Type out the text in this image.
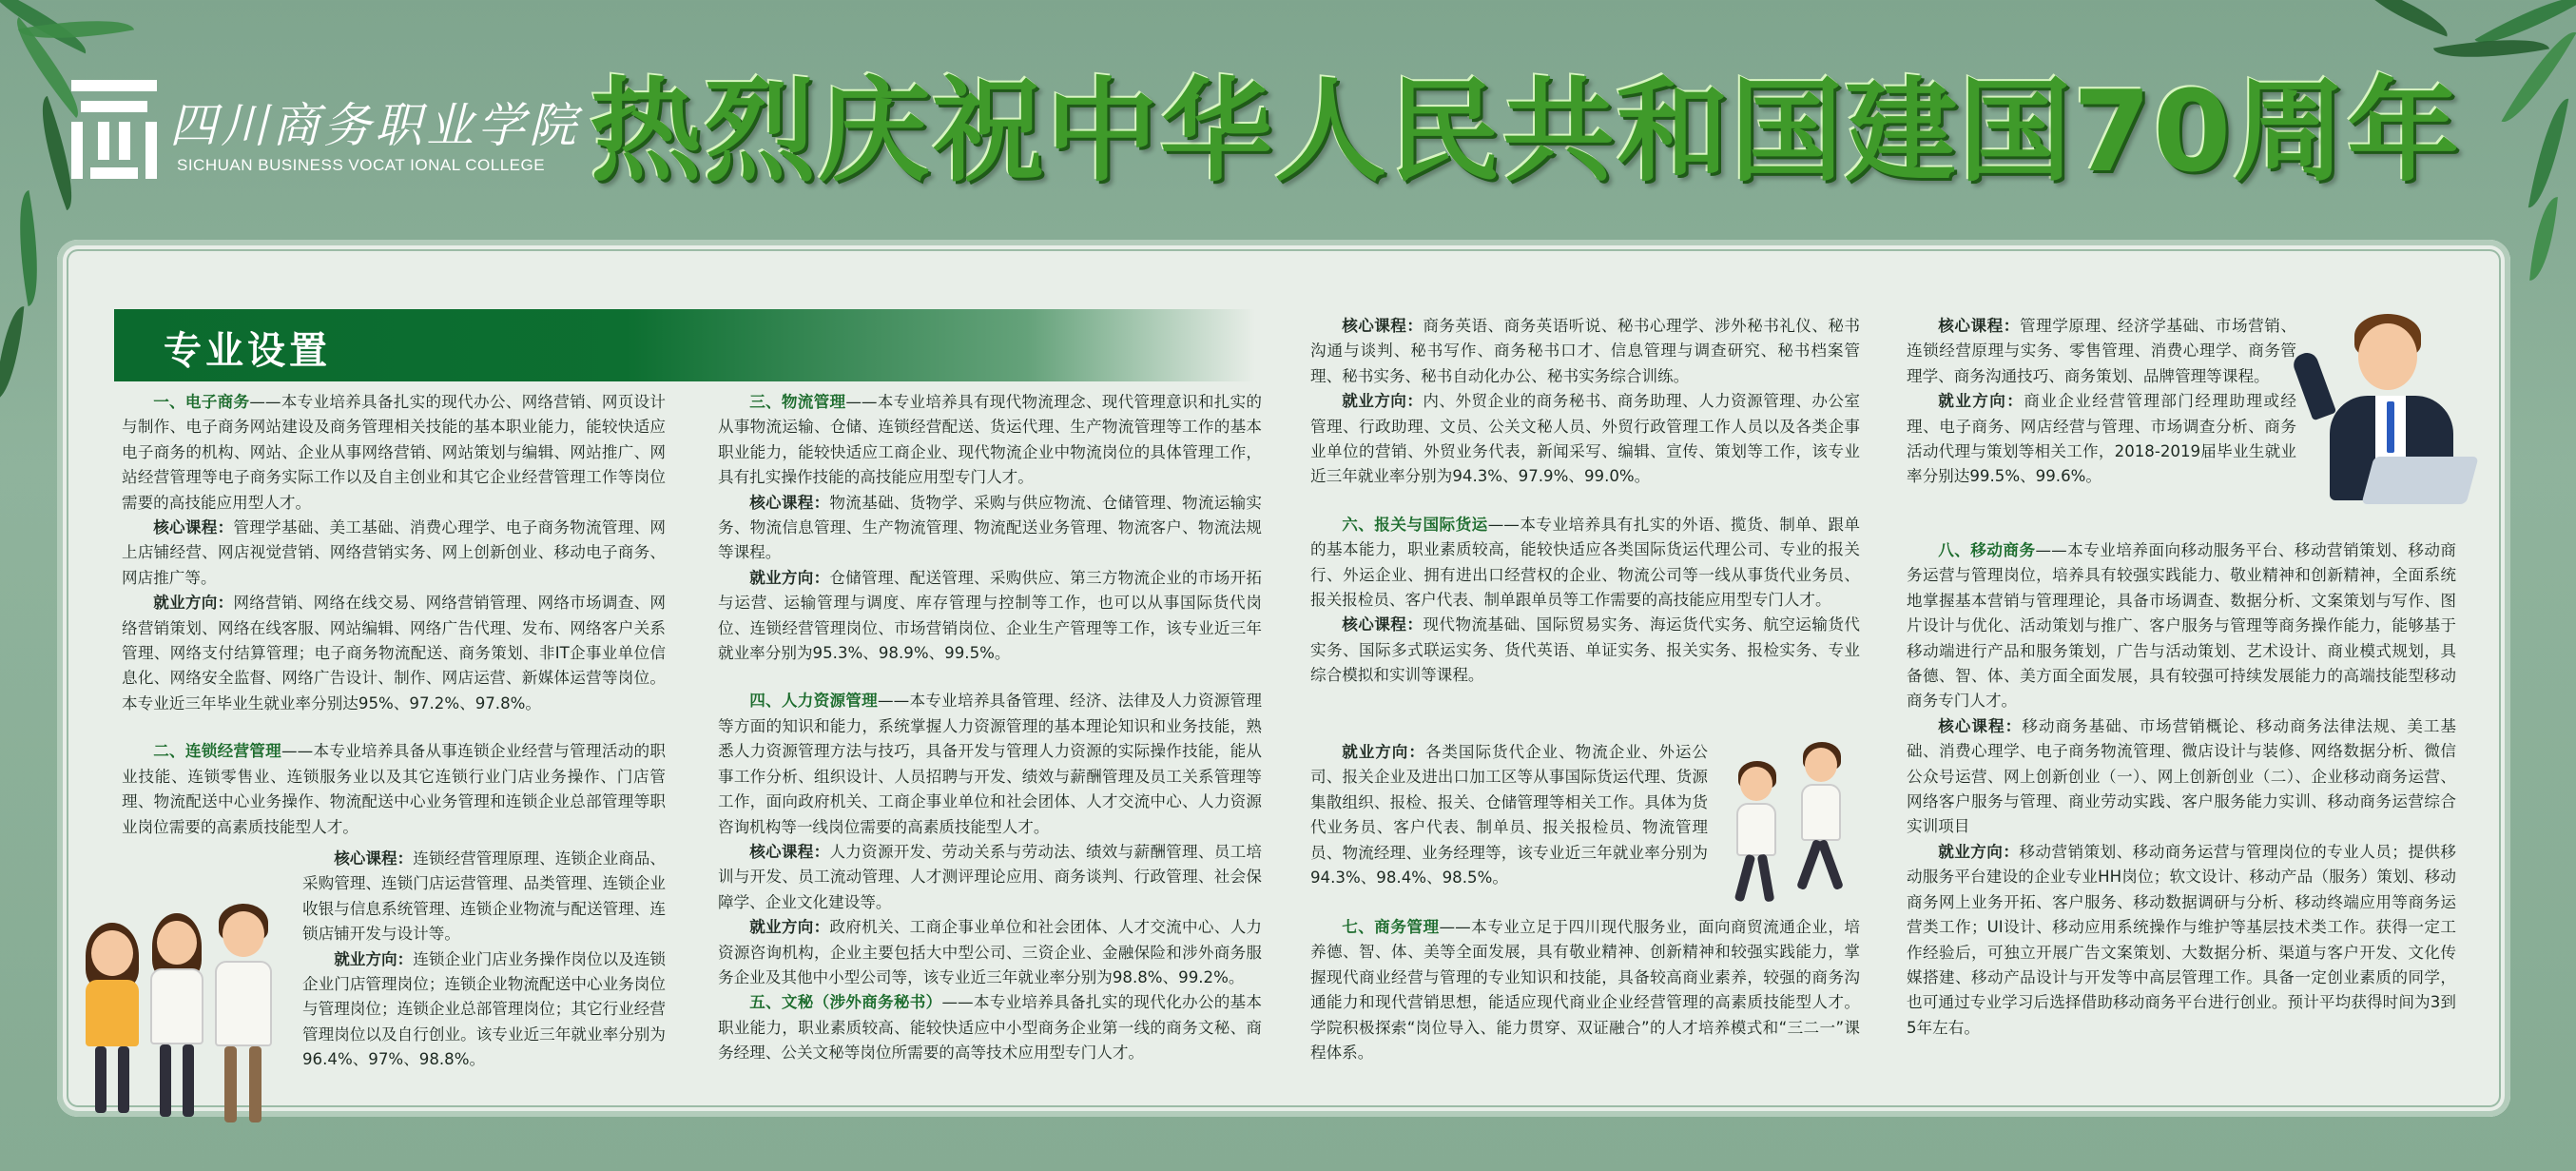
四川商务职业学院
SICHUAN BUSINESS VOCAT IONAL COLLEGE 热烈庆祝中华人民共和国建国70周年
专业设置

一、电子商务——本专业培养具备扎实的现代办公、网络营销、网页设计与制作、电子商务网站建设及商务管理相关技能的基本职业能力，能较快适应电子商务的机构、网站、企业从事网络营销、网站策划与编辑、网站推广、网站经营管理等电子商务实际工作以及自主创业和其它企业经营管理工作等岗位需要的高技能应用型人才。

核心课程：管理学基础、美工基础、消费心理学、电子商务物流管理、网上店铺经营、网店视觉营销、网络营销实务、网上创新创业、移动电子商务、网店推广等。

就业方向：网络营销、网络在线交易、网络营销管理、网络市场调查、网络营销策划、网络在线客服、网站编辑、网络广告代理、发布、网络客户关系管理、网络支付结算管理；电子商务物流配送、商务策划、非IT企事业单位信息化、网络安全监督、网络广告设计、制作、网店运营、新媒体运营等岗位。本专业近三年毕业生就业率分别达95%、97.2%、97.8%。

二、连锁经营管理——本专业培养具备从事连锁企业经营与管理活动的职业技能、连锁零售业、连锁服务业以及其它连锁行业门店业务操作、门店管理、物流配送中心业务操作、物流配送中心业务管理和连锁企业总部管理等职业岗位需要的高素质技能型人才。

核心课程：连锁经营管理原理、连锁企业商品、采购管理、连锁门店运营管理、品类管理、连锁企业收银与信息系统管理、连锁企业物流与配送管理、连锁店铺开发与设计等。

就业方向：连锁企业门店业务操作岗位以及连锁企业门店管理岗位；连锁企业物流配送中心业务岗位与管理岗位；连锁企业总部管理岗位；其它行业经营管理岗位以及自行创业。该专业近三年就业率分别为96.4%、97%、98.8%。

三、物流管理——本专业培养具有现代物流理念、现代管理意识和扎实的从事物流运输、仓储、连锁经营配送、货运代理、生产物流管理等工作的基本职业能力，能较快适应工商企业、现代物流企业中物流岗位的具体管理工作，具有扎实操作技能的高技能应用型专门人才。

核心课程：物流基础、货物学、采购与供应物流、仓储管理、物流运输实务、物流信息管理、生产物流管理、物流配送业务管理、物流客户、物流法规等课程。

就业方向：仓储管理、配送管理、采购供应、第三方物流企业的市场开拓与运营、运输管理与调度、库存管理与控制等工作，也可以从事国际货代岗位、连锁经营管理岗位、市场营销岗位、企业生产管理等工作，该专业近三年就业率分别为95.3%、98.9%、99.5%。

四、人力资源管理——本专业培养具备管理、经济、法律及人力资源管理等方面的知识和能力，系统掌握人力资源管理的基本理论知识和业务技能，熟悉人力资源管理方法与技巧，具备开发与管理人力资源的实际操作技能，能从事工作分析、组织设计、人员招聘与开发、绩效与薪酬管理及员工关系管理等工作，面向政府机关、工商企事业单位和社会团体、人才交流中心、人力资源咨询机构等一线岗位需要的高素质技能型人才。

核心课程：人力资源开发、劳动关系与劳动法、绩效与薪酬管理、员工培训与开发、员工流动管理、人才测评理论应用、商务谈判、行政管理、社会保障学、企业文化建设等。

就业方向：政府机关、工商企事业单位和社会团体、人才交流中心、人力资源咨询机构，企业主要包括大中型公司、三资企业、金融保险和涉外商务服务企业及其他中小型公司等，该专业近三年就业率分别为98.8%、99.2%。

五、文秘（涉外商务秘书）——本专业培养具备扎实的现代化办公的基本职业能力，职业素质较高、能较快适应中小型商务企业第一线的商务文秘、商务经理、公关文秘等岗位所需要的高等技术应用型专门人才。

核心课程：商务英语、商务英语听说、秘书心理学、涉外秘书礼仪、秘书沟通与谈判、秘书写作、商务秘书口才、信息管理与调查研究、秘书档案管理、秘书实务、秘书自动化办公、秘书实务综合训练。

就业方向：内、外贸企业的商务秘书、商务助理、人力资源管理、办公室管理、行政助理、文员、公关文秘人员、外贸行政管理工作人员以及各类企事业单位的营销、外贸业务代表，新闻采写、编辑、宣传、策划等工作，该专业近三年就业率分别为94.3%、97.9%、99.0%。

六、报关与国际货运——本专业培养具有扎实的外语、揽货、制单、跟单的基本能力，职业素质较高，能较快适应各类国际货运代理公司、专业的报关行、外运企业、拥有进出口经营权的企业、物流公司等一线从事货代业务员、报关报检员、客户代表、制单跟单员等工作需要的高技能应用型专门人才。

核心课程：现代物流基础、国际贸易实务、海运货代实务、航空运输货代实务、国际多式联运实务、货代英语、单证实务、报关实务、报检实务、专业综合模拟和实训等课程。

就业方向：各类国际货代企业、物流企业、外运公司、报关企业及进出口加工区等从事国际货运代理、货源集散组织、报检、报关、仓储管理等相关工作。具体为货代业务员、客户代表、制单员、报关报检员、物流管理员、物流经理、业务经理等，该专业近三年就业率分别为94.3%、98.4%、98.5%。

七、商务管理——本专业立足于四川现代服务业，面向商贸流通企业，培养德、智、体、美等全面发展，具有敬业精神、创新精神和较强实践能力，掌握现代商业经营与管理的专业知识和技能，具备较高商业素养，较强的商务沟通能力和现代营销思想，能适应现代商业企业经营管理的高素质技能型人才。学院积极探索“岗位导入、能力贯穿、双证融合”的人才培养模式和“三二一”课程体系。

核心课程：管理学原理、经济学基础、市场营销、连锁经营原理与实务、零售管理、消费心理学、商务管理学、商务沟通技巧、商务策划、品牌管理等课程。

就业方向：商业企业经营管理部门经理助理或经理、电子商务、网店经营与管理、市场调查分析、商务活动代理与策划等相关工作，2018-2019届毕业生就业率分别达99.5%、99.6%。

八、移动商务——本专业培养面向移动服务平台、移动营销策划、移动商务运营与管理岗位，培养具有较强实践能力、敬业精神和创新精神，全面系统地掌握基本营销与管理理论，具备市场调查、数据分析、文案策划与写作、图片设计与优化、活动策划与推广、客户服务与管理等商务操作能力，能够基于移动端进行产品和服务策划，广告与活动策划、艺术设计、商业模式规划，具备德、智、体、美方面全面发展，具有较强可持续发展能力的高端技能型移动商务专门人才。

核心课程：移动商务基础、市场营销概论、移动商务法律法规、美工基础、消费心理学、电子商务物流管理、微店设计与装修、网络数据分析、微信公众号运营、网上创新创业（一）、网上创新创业（二）、企业移动商务运营、网络客户服务与管理、商业劳动实践、客户服务能力实训、移动商务运营综合实训项目

就业方向：移动营销策划、移动商务运营与管理岗位的专业人员；提供移动服务平台建设的企业专业HH岗位；软文设计、移动产品（服务）策划、移动商务网上业务开拓、客户服务、移动数据调研与分析、移动终端应用等商务运营类工作；UI设计、移动应用系统操作与维护等基层技术类工作。获得一定工作经验后，可独立开展广告文案策划、大数据分析、渠道与客户开发、文化传媒搭建、移动产品设计与开发等中高层管理工作。具备一定创业素质的同学，也可通过专业学习后选择借助移动商务平台进行创业。预计平均获得时间为3到5年左右。
